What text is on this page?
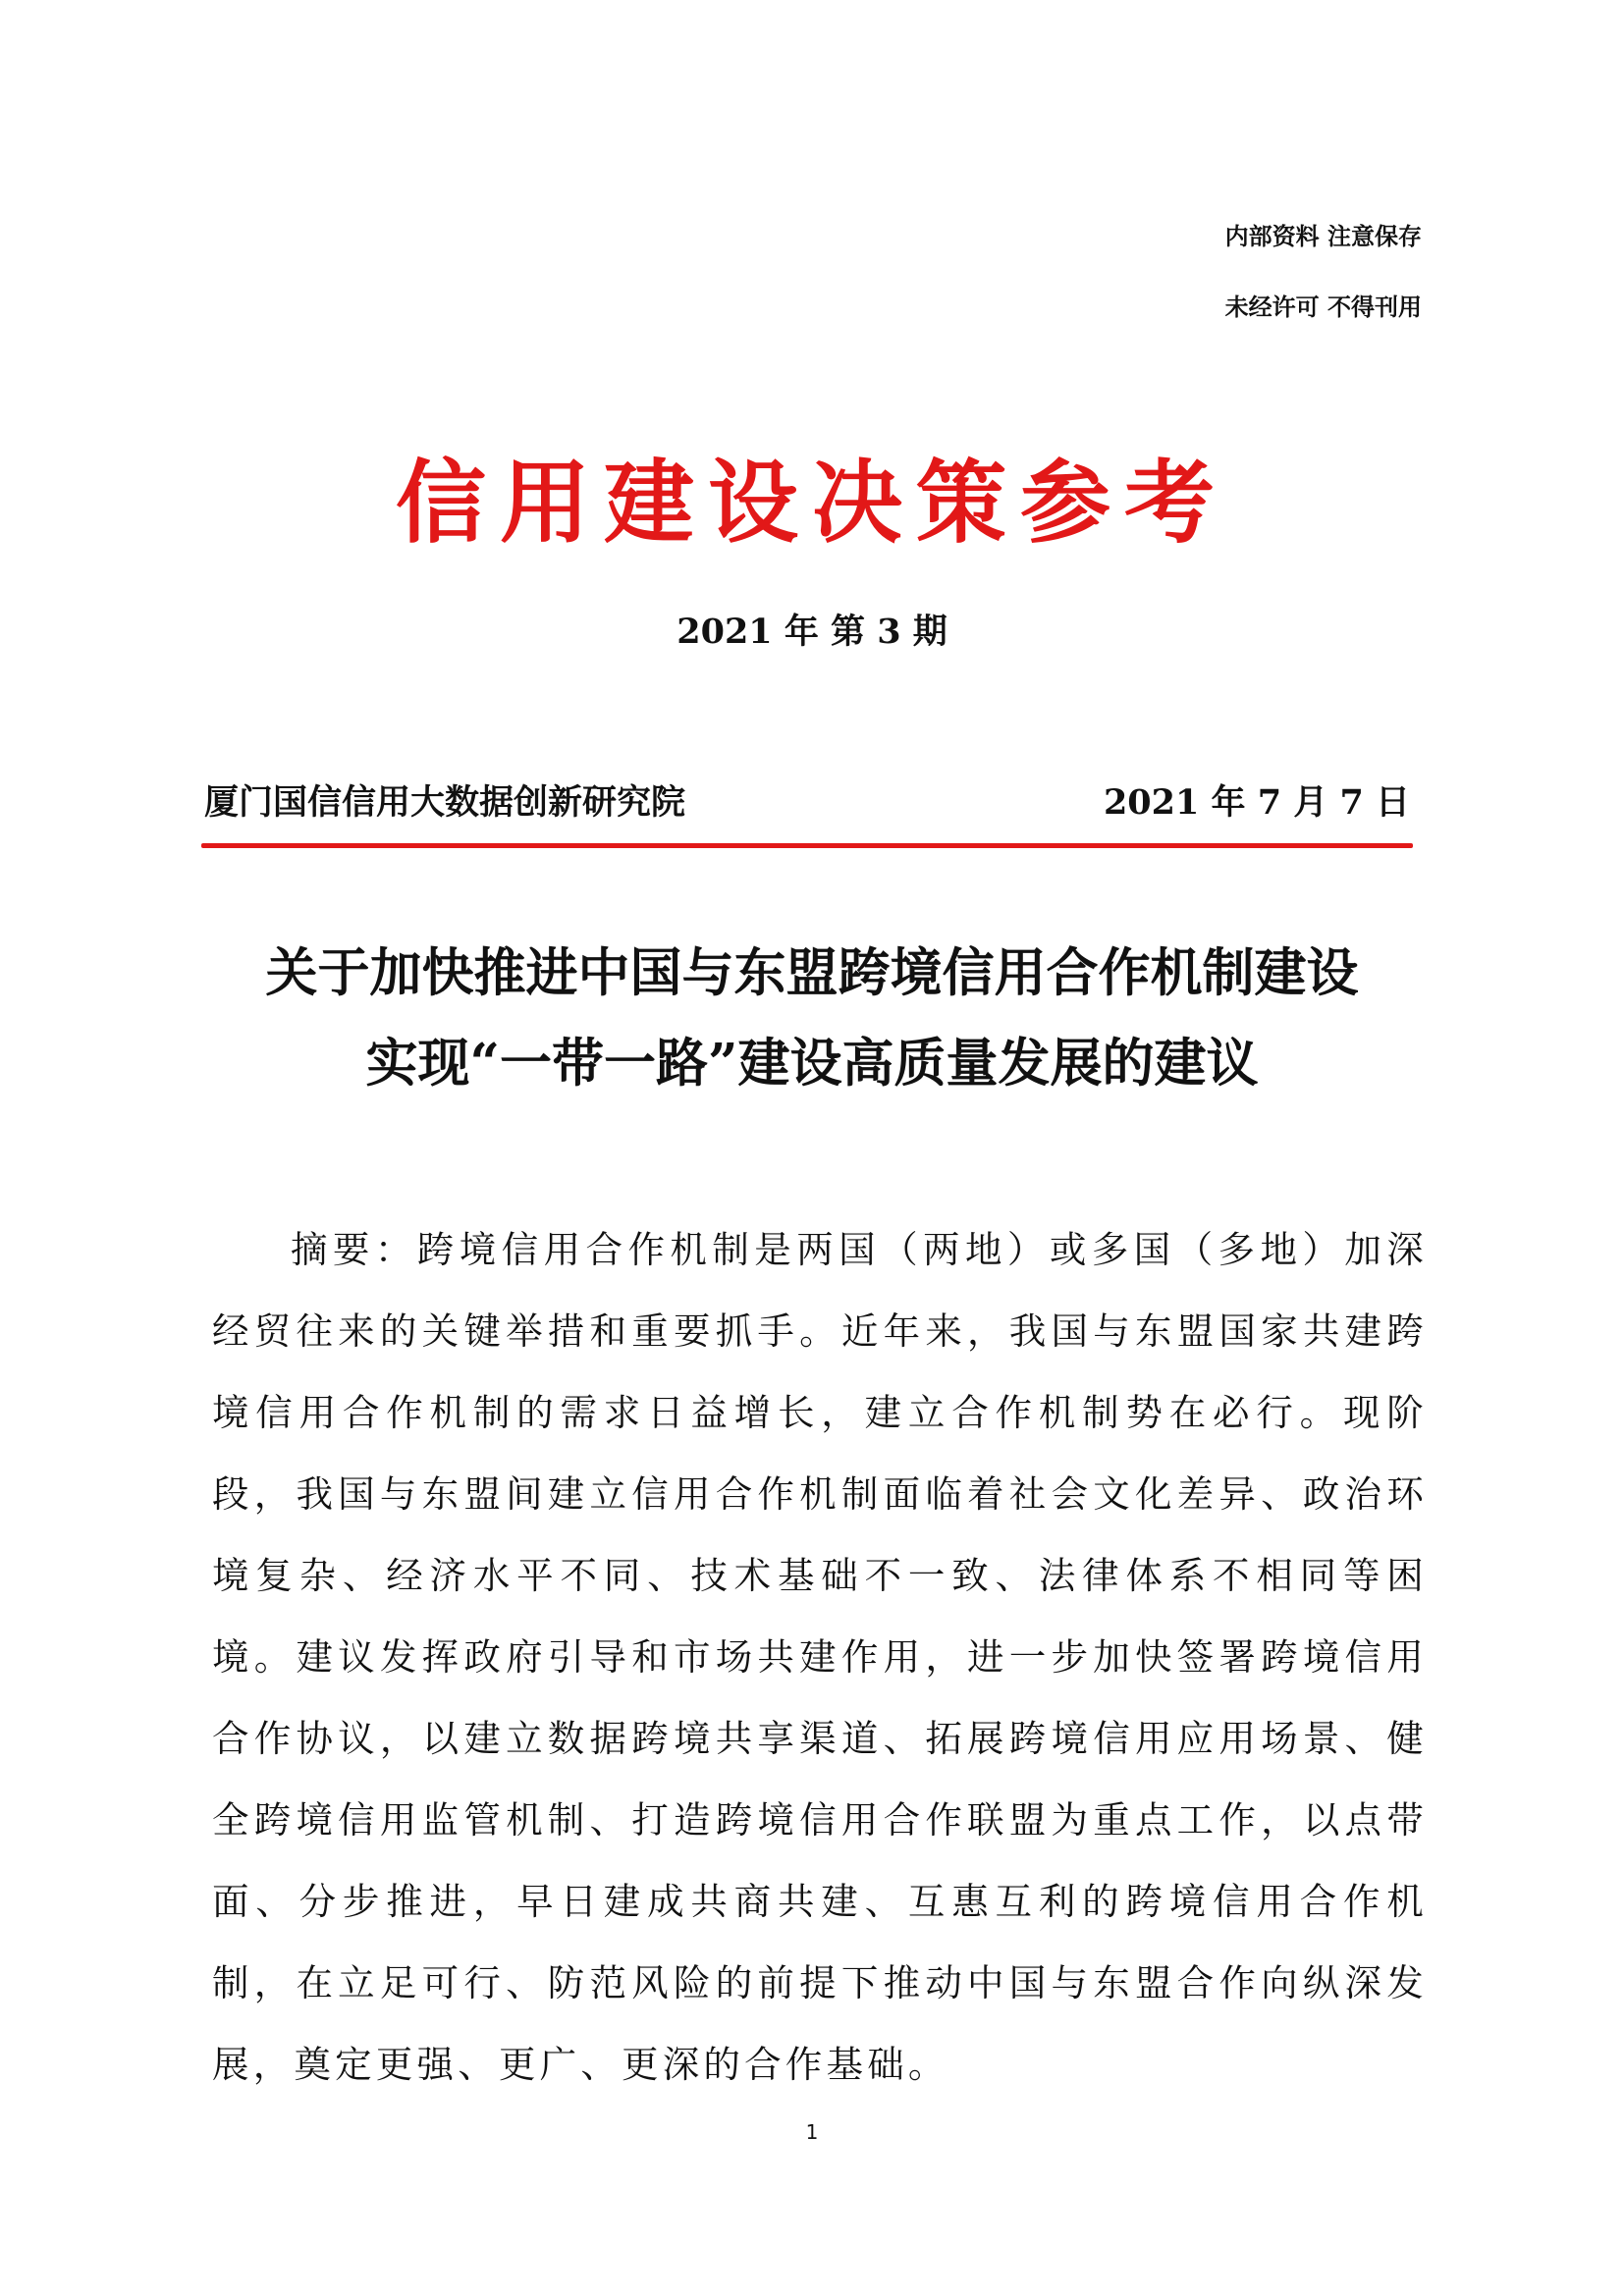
内部资料 注意保存
未经许可 不得刊用
信用建设决策参考
2021 年 第 3 期
厦门国信信用大数据创新研究院	2021 年 7 月 7 日
关于加快推进中国与东盟跨境信用合作机制建设
实现“一带一路”建设高质量发展的建议

摘要：跨境信用合作机制是两国（两地）或多国（多地）加深经贸往来的关键举措和重要抓手。近年来，我国与东盟国家共建跨境信用合作机制的需求日益增长，建立合作机制势在必行。现阶段，我国与东盟间建立信用合作机制面临着社会文化差异、政治环境复杂、经济水平不同、技术基础不一致、法律体系不相同等困境。建议发挥政府引导和市场共建作用，进一步加快签署跨境信用合作协议，以建立数据跨境共享渠道、拓展跨境信用应用场景、健全跨境信用监管机制、打造跨境信用合作联盟为重点工作，以点带面、分步推进，早日建成共商共建、互惠互利的跨境信用合作机制，在立足可行、防范风险的前提下推动中国与东盟合作向纵深发展，奠定更强、更广、更深的合作基础。

1
